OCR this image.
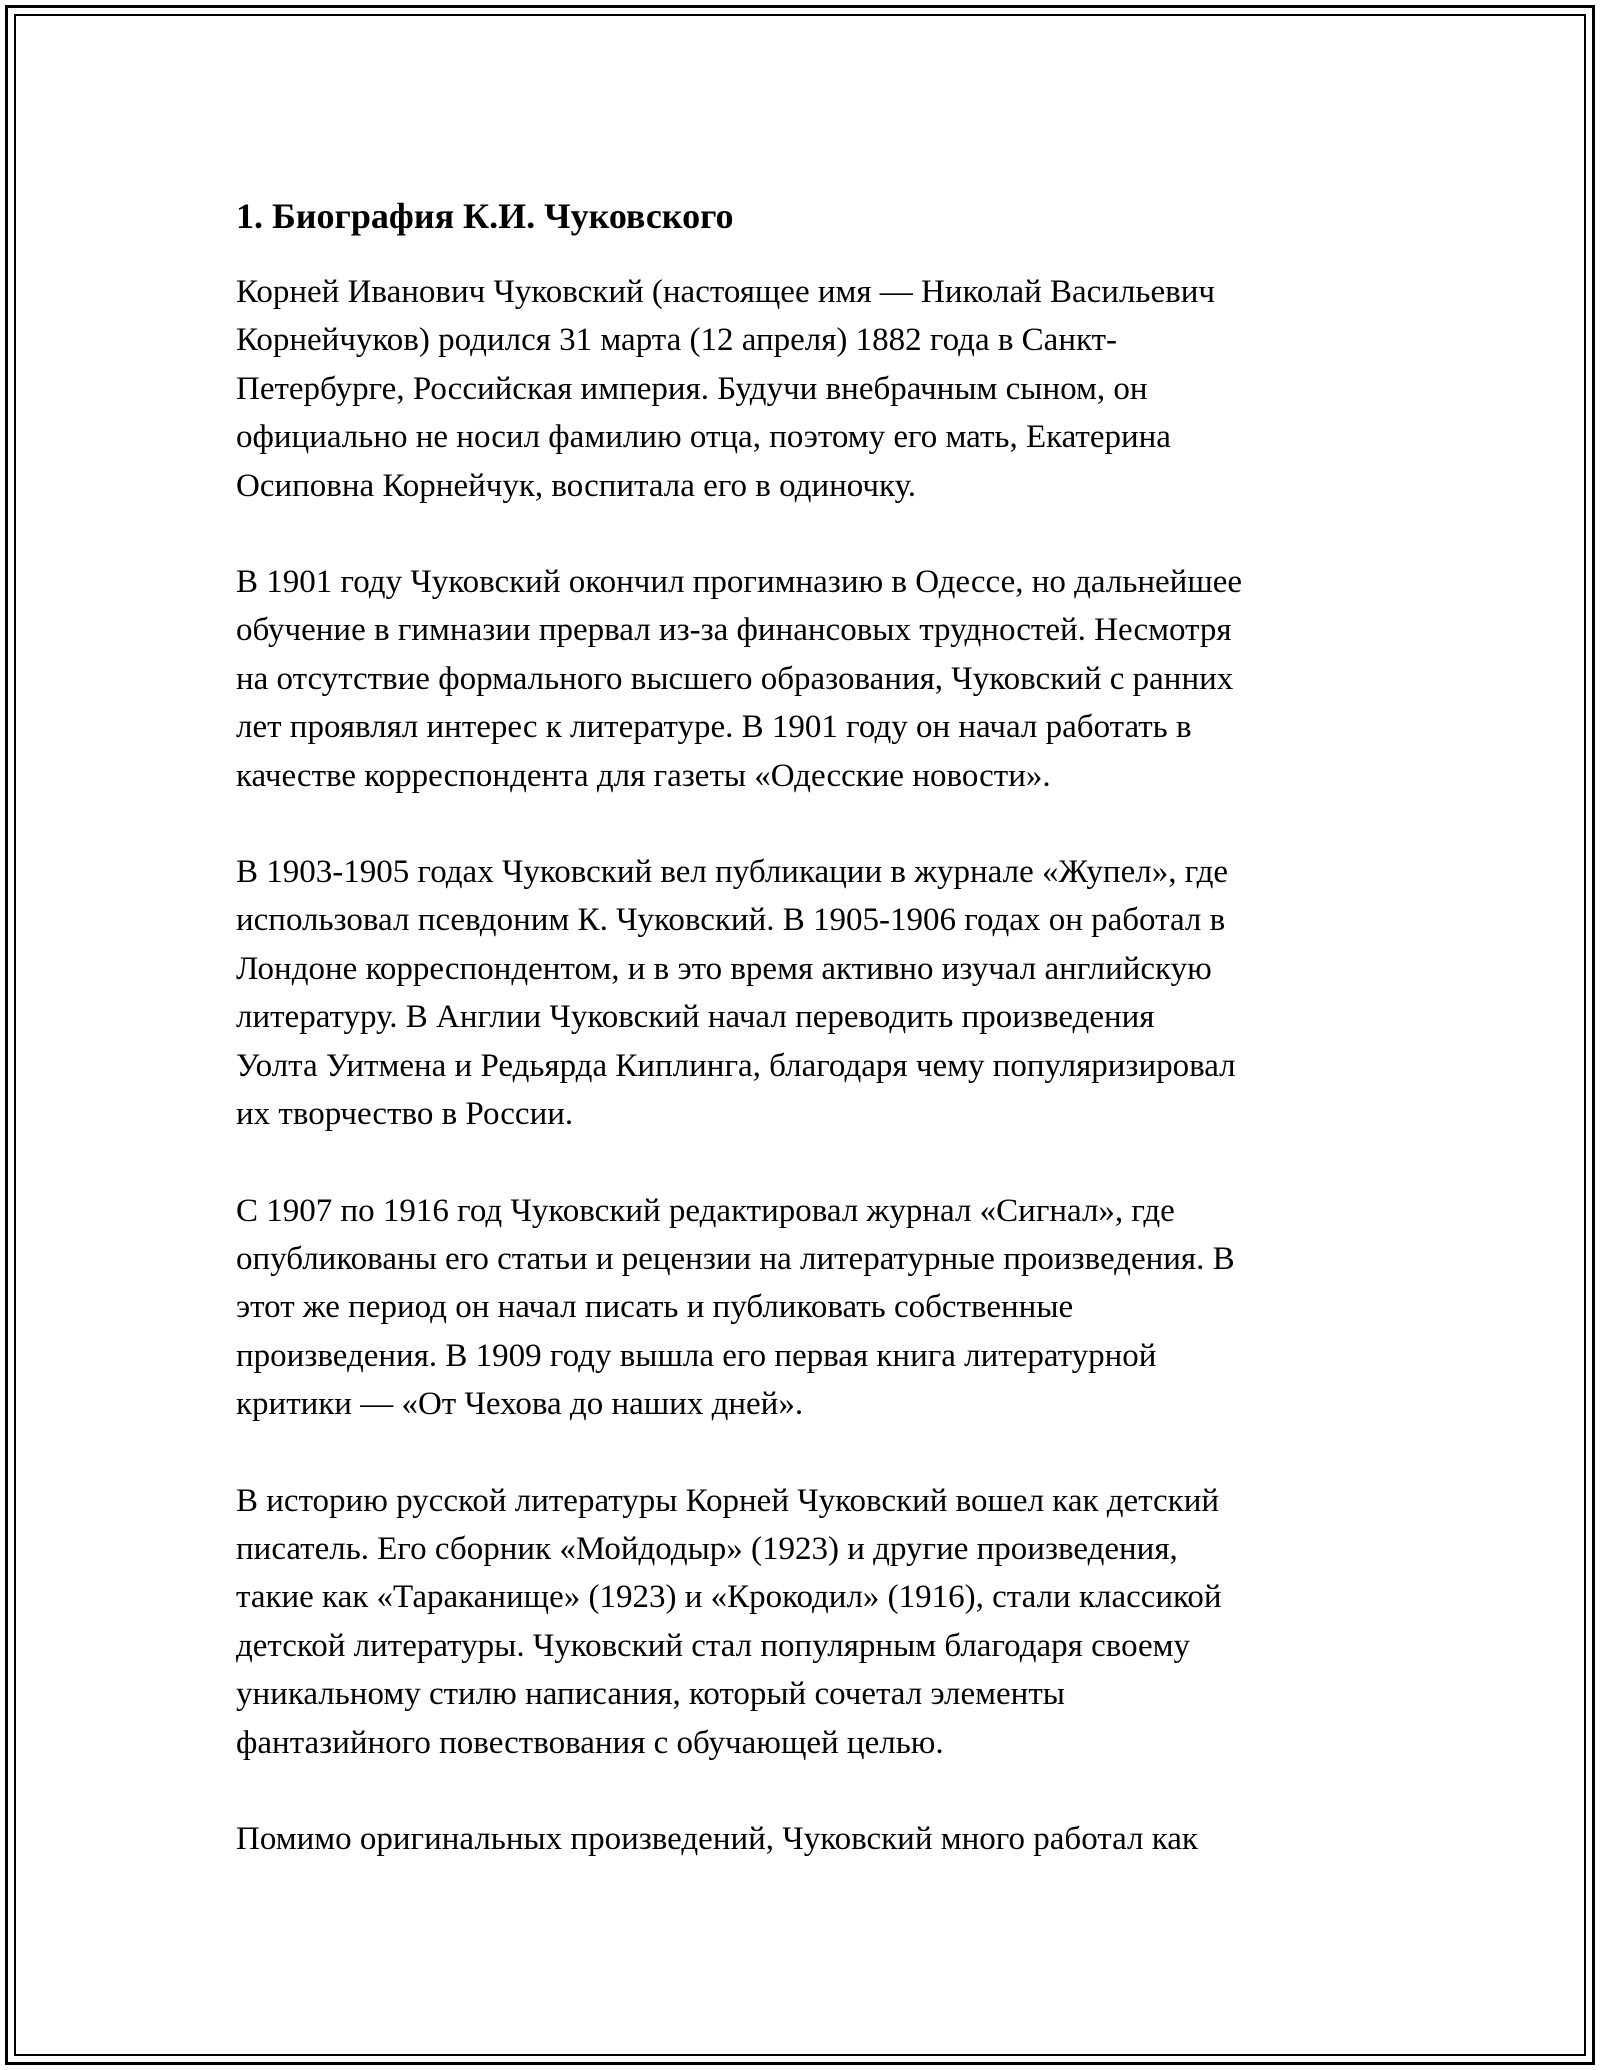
1. Биография К.И. Чуковского

Корней Иванович Чуковский (настоящее имя — Николай Васильевич
Корнейчуков) родился 31 марта (12 апреля) 1882 года в Санкт-
Петербурге, Российская империя. Будучи внебрачным сыном, он
официально не носил фамилию отца, поэтому его мать, Екатерина
Осиповна Корнейчук, воспитала его в одиночку.

В 1901 году Чуковский окончил прогимназию в Одессе, но дальнейшее
обучение в гимназии прервал из-за финансовых трудностей. Несмотря
на отсутствие формального высшего образования, Чуковский с ранних
лет проявлял интерес к литературе. В 1901 году он начал работать в
качестве корреспондента для газеты «Одесские новости».

В 1903-1905 годах Чуковский вел публикации в журнале «Жупел», где
использовал псевдоним К. Чуковский. В 1905-1906 годах он работал в
Лондоне корреспондентом, и в это время активно изучал английскую
литературу. В Англии Чуковский начал переводить произведения
Уолта Уитмена и Редьярда Киплинга, благодаря чему популяризировал
их творчество в России.

С 1907 по 1916 год Чуковский редактировал журнал «Сигнал», где
опубликованы его статьи и рецензии на литературные произведения. В
этот же период он начал писать и публиковать собственные
произведения. В 1909 году вышла его первая книга литературной
критики — «От Чехова до наших дней».

В историю русской литературы Корней Чуковский вошел как детский
писатель. Его сборник «Мойдодыр» (1923) и другие произведения,
такие как «Тараканище» (1923) и «Крокодил» (1916), стали классикой
детской литературы. Чуковский стал популярным благодаря своему
уникальному стилю написания, который сочетал элементы
фантазийного повествования с обучающей целью.

Помимо оригинальных произведений, Чуковский много работал как
